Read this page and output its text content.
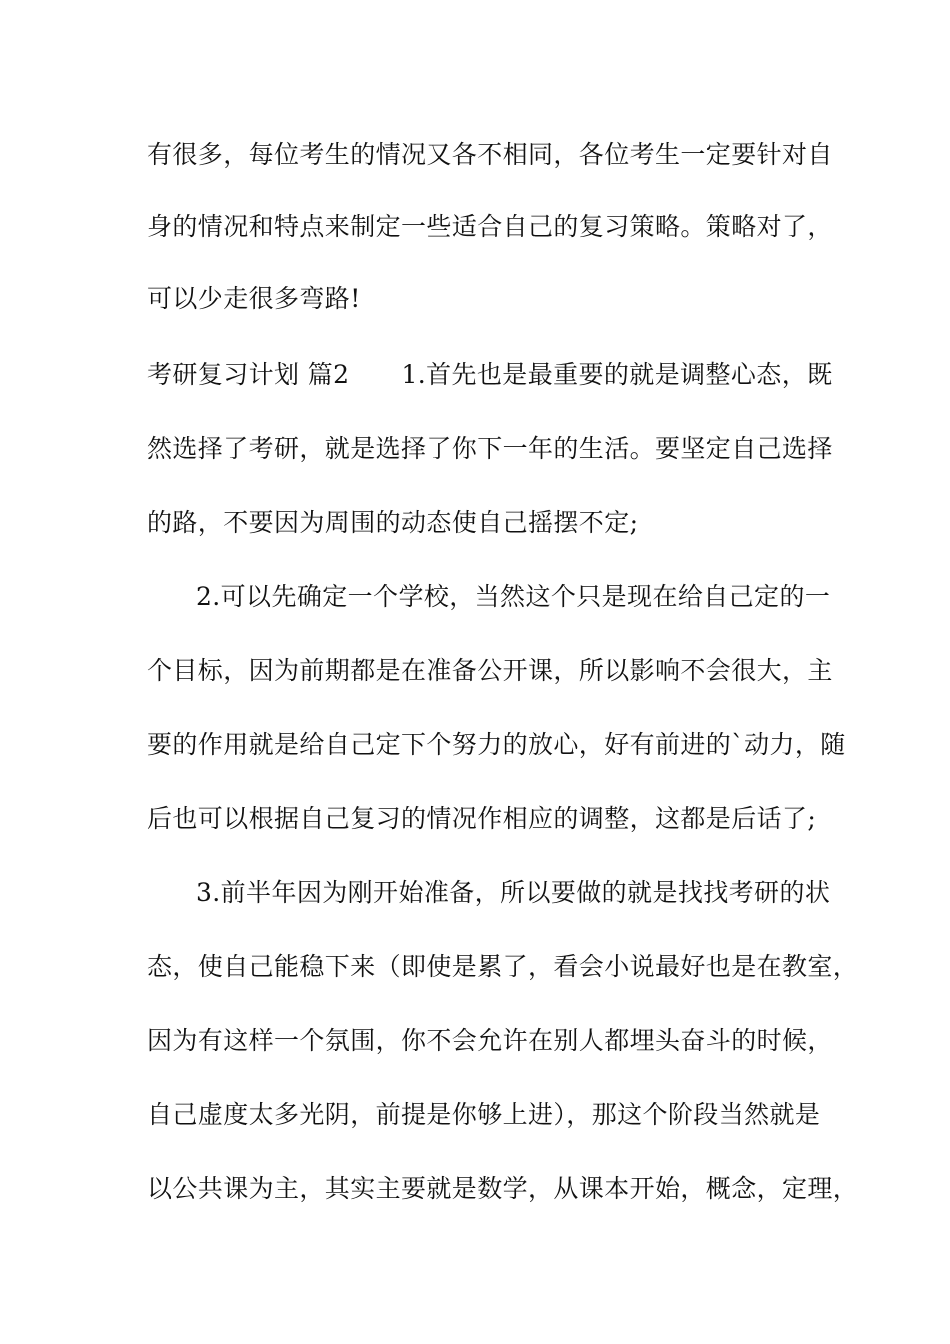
有很多，每位考生的情况又各不相同，各位考生一定要针对自
身的情况和特点来制定一些适合自己的复习策略。策略对了，
可以少走很多弯路!
考研复习计划 篇2 1.首先也是最重要的就是调整心态，既
然选择了考研，就是选择了你下一年的生活。要坚定自己选择
的路，不要因为周围的动态使自己摇摆不定;
2.可以先确定一个学校，当然这个只是现在给自己定的一
个目标，因为前期都是在准备公开课，所以影响不会很大，主
要的作用就是给自己定下个努力的放心，好有前进的`动力，随
后也可以根据自己复习的情况作相应的调整，这都是后话了;
3.前半年因为刚开始准备，所以要做的就是找找考研的状
态，使自己能稳下来（即使是累了，看会小说最好也是在教室，
因为有这样一个氛围，你不会允许在别人都埋头奋斗的时候，
自己虚度太多光阴，前提是你够上进），那这个阶段当然就是
以公共课为主，其实主要就是数学，从课本开始，概念，定理，
